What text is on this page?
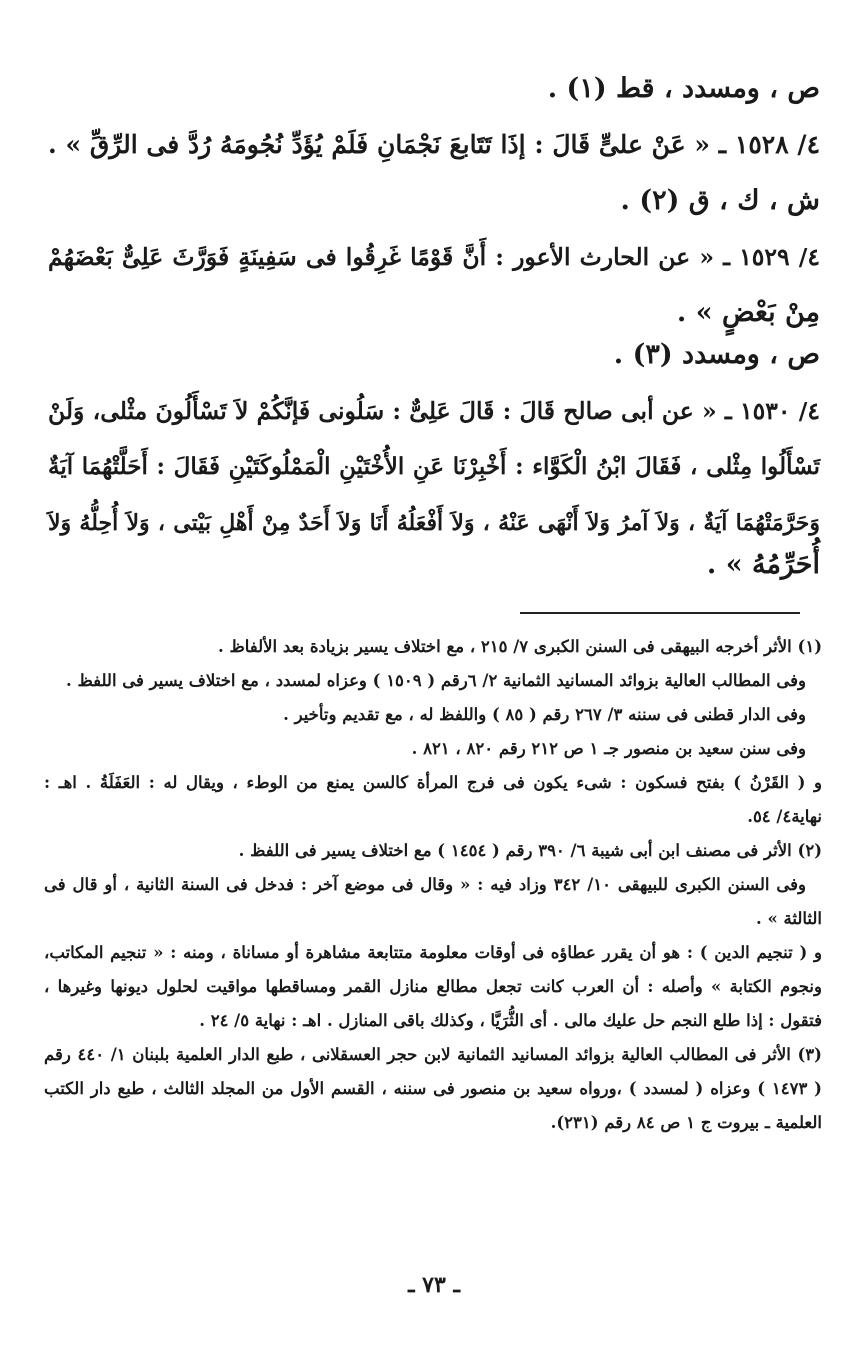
ص ، ومسدد ، قط (١) .

٤/ ١٥٢٨ ـ « عَنْ علىٍّ قَالَ : إذَا تَتَابعَ نَجْمَانِ فَلَمْ يُؤَدِّ نُجُومَهُ رُدَّ فى الرِّقِّ » .

ش ، ك ، ق (٢) .

٤/ ١٥٢٩ ـ « عن الحارث الأعور : أَنَّ قَوْمًا غَرِقُوا فى سَفِينَةٍ فَوَرَّثَ عَلِىٌّ بَعْضَهُمْ

مِنْ بَعْضٍ » .

ص ، ومسدد (٣) .

٤/ ١٥٣٠ ـ « عن أبى صالح قَالَ : قَالَ عَلِىٌّ : سَلُونى فَإنَّكُمْ لاَ تَسْأَلُونَ مثْلى، وَلَنْ

تَسْأَلُوا مِثْلى ، فَقَالَ ابْنُ الْكَوَّاء : أَخْبِرْنَا عَنِ الأُخْتَيْنِ الْمَمْلُوكَتَيْنِ فَقَالَ : أَحَلَّتْهُمَا آيَةٌ

وَحَرَّمَتْهُمَا آيَةٌ ، وَلاَ آمرُ وَلاَ أَنْهَى عَنْهُ ، وَلاَ أَفْعَلُهُ أَنَا وَلاَ أَحَدٌ مِنْ أَهْلِ بَيْتى ، وَلاَ أُحِلُّهُ وَلاَ

أُحَرِّمُهُ » .

(١) الأثر أخرجه البيهقى فى السنن الكبرى ٧/ ٢١٥ ، مع اختلاف يسير بزيادة بعد الألفاظ .

وفى المطالب العالية بزوائد المسانيد الثمانية ٢/ ٦رقم ( ١٥٠٩ ) وعزاه لمسدد ، مع اختلاف يسير فى اللفظ .

وفى الدار قطنى فى سننه ٣/ ٢٦٧ رقم ( ٨٥ ) واللفظ له ، مع تقديم وتأخير .

وفى سنن سعيد بن منصور جـ ١ ص ٢١٢ رقم ٨٢٠ ، ٨٢١ .

و ( القَرْنُ ) بفتح فسكون : شىء يكون فى فرج المرأة كالسن يمنع من الوطء ، ويقال له : العَفَلَةُ . اهـ :

نهاية٤/ ٥٤.

(٢) الأثر فى مصنف ابن أبى شيبة ٦/ ٣٩٠ رقم ( ١٤٥٤ ) مع اختلاف يسير فى اللفظ .

وفى السنن الكبرى للبيهقى ١٠/ ٣٤٢ وزاد فيه : « وقال فى موضع آخر : فدخل فى السنة الثانية ، أو قال فى

الثالثة » .

و ( تنجيم الدين ) : هو أن يقرر عطاؤه فى أوقات معلومة متتابعة مشاهرة أو مساناة ، ومنه : « تنجيم المكاتب،

ونجوم الكتابة » وأصله : أن العرب كانت تجعل مطالع منازل القمر ومساقطها مواقيت لحلول ديونها وغيرها ،

فتقول : إذا طلع النجم حل عليك مالى . أى الثُّرَيَّا ، وكذلك باقى المنازل . اهـ : نهاية ٥/ ٢٤ .

(٣) الأثر فى المطالب العالية بزوائد المسانيد الثمانية لابن حجر العسقلانى ، طبع الدار العلمية بلبنان ١/ ٤٤٠ رقم

( ١٤٧٣ ) وعزاه ( لمسدد ) ،ورواه سعيد بن منصور فى سننه ، القسم الأول من المجلد الثالث ، طبع دار الكتب

العلمية ـ بيروت ج ١ ص ٨٤ رقم (٢٣١).

ـ ٧٣ ـ
